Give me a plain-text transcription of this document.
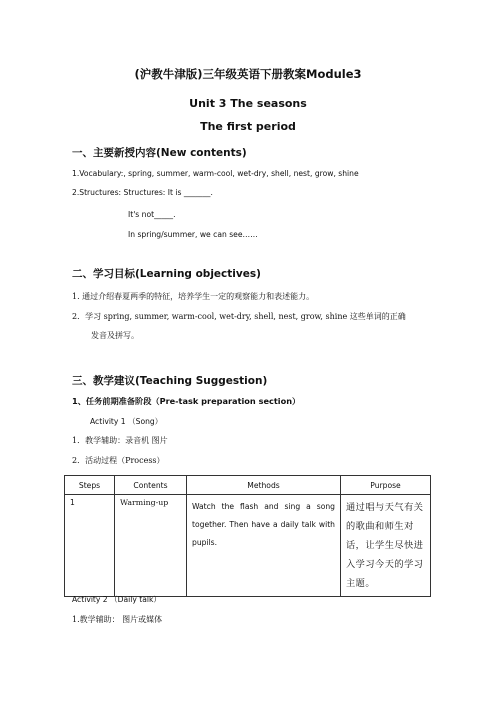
(沪教牛津版)三年级英语下册教案Module3
Unit 3 The seasons
The first period
一、主要新授内容(New contents)
1.Vocabulary:, spring, summer, warm-cool, wet-dry, shell, nest, grow, shine
2.Structures: Structures: It is _______.
It's not_____.
In spring/summer, we can see……
二、学习目标(Learning objectives)
1. 通过介绍春夏两季的特征，培养学生一定的观察能力和表述能力。
2．学习 spring, summer, warm-cool, wet-dry, shell, nest, grow, shine 这些单词的正确
发音及拼写。
三、教学建议(Teaching Suggestion)
1、任务前期准备阶段（Pre-task preparation section）
Activity 1 （Song）
1．教学辅助：录音机 图片
2．活动过程（Process）
Steps	Contents	Methods	Purpose
1	Warming-up	Watch the flash and sing a song together. Then have a daily talk with pupils.	通过唱与天气有关的歌曲和师生对话，让学生尽快进入学习今天的学习主题。
Activity 2 （Daily talk）
1.教学辅助： 图片或媒体
